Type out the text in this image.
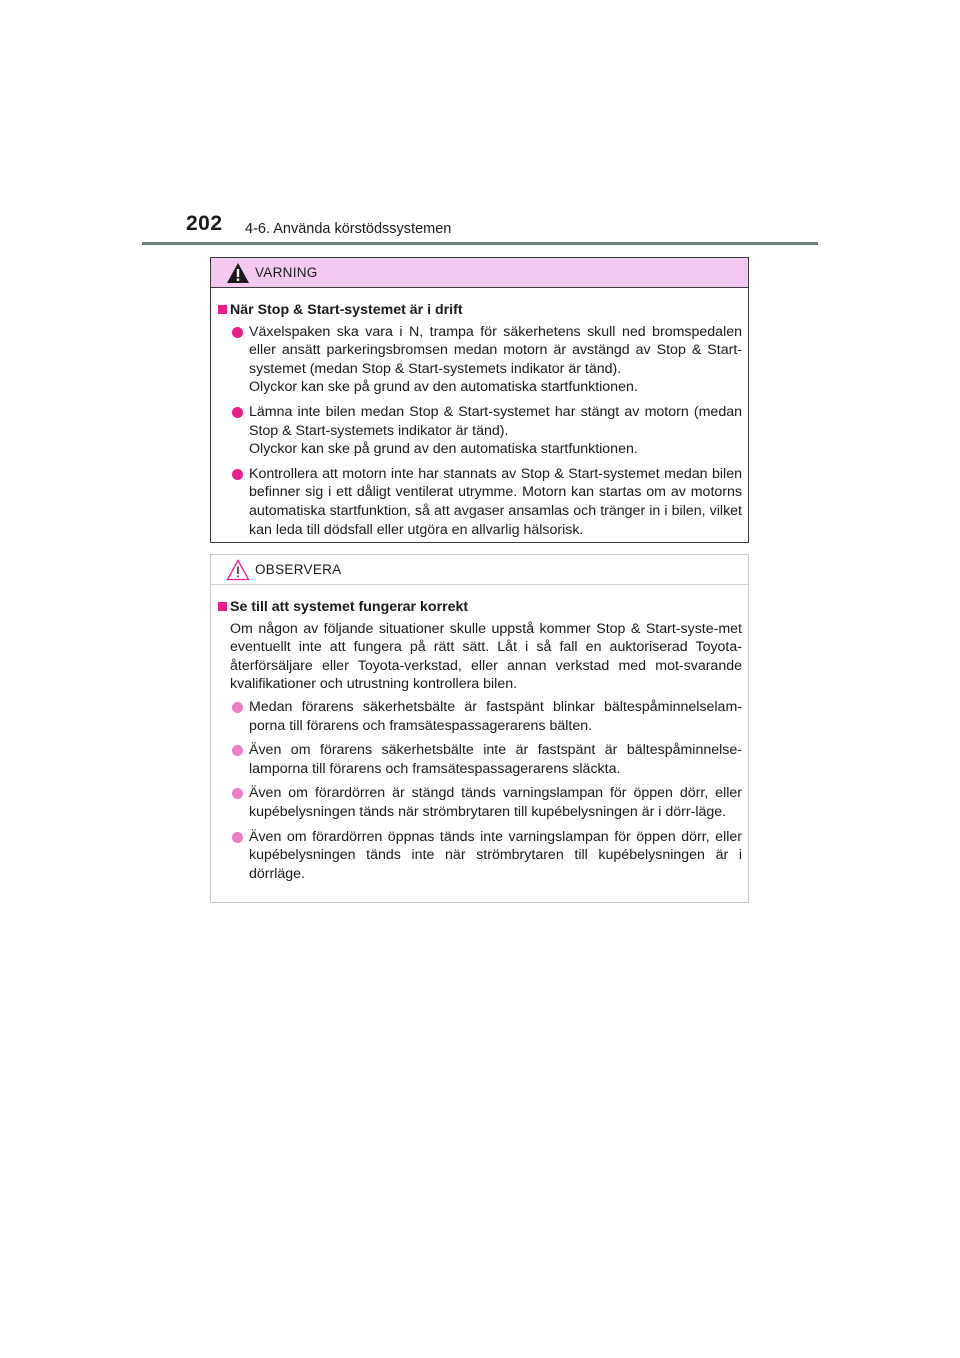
202 4-6. Använda körstödssystemen
VARNING
När Stop & Start-systemet är i drift
Växelspaken ska vara i N, trampa för säkerhetens skull ned bromspedalen eller ansätt parkeringsbromsen medan motorn är avstängd av Stop & Start-systemet (medan Stop & Start-systemets indikator är tänd).
Olyckor kan ske på grund av den automatiska startfunktionen.
Lämna inte bilen medan Stop & Start-systemet har stängt av motorn (medan Stop & Start-systemets indikator är tänd).
Olyckor kan ske på grund av den automatiska startfunktionen.
Kontrollera att motorn inte har stannats av Stop & Start-systemet medan bilen befinner sig i ett dåligt ventilerat utrymme. Motorn kan startas om av motorns automatiska startfunktion, så att avgaser ansamlas och tränger in i bilen, vilket kan leda till dödsfall eller utgöra en allvarlig hälsorisk.
OBSERVERA
Se till att systemet fungerar korrekt
Om någon av följande situationer skulle uppstå kommer Stop & Start-syste-met eventuellt inte att fungera på rätt sätt. Låt i så fall en auktoriserad Toyota-återförsäljare eller Toyota-verkstad, eller annan verkstad med mot-svarande kvalifikationer och utrustning kontrollera bilen.
Medan förarens säkerhetsbälte är fastspänt blinkar bältespåminnelselam-porna till förarens och framsätespassagerarens bälten.
Även om förarens säkerhetsbälte inte är fastspänt är bältespåminnelse-lamporna till förarens och framsätespassagerarens släckta.
Även om förardörren är stängd tänds varningslampan för öppen dörr, eller kupébelysningen tänds när strömbrytaren till kupébelysningen är i dörr-läge.
Även om förardörren öppnas tänds inte varningslampan för öppen dörr, eller kupébelysningen tänds inte när strömbrytaren till kupébelysningen är i dörrläge.
